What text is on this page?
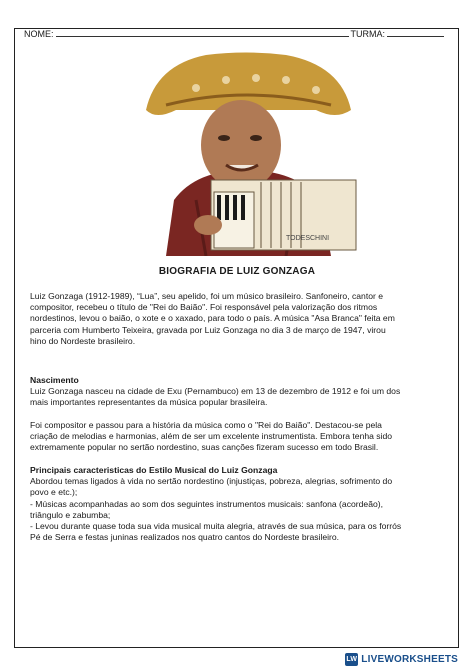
NOME:	TURMA:
TODESCHINI
BIOGRAFIA DE LUIZ GONZAGA

Luiz Gonzaga (1912-1989), “Lua”, seu apelido, foi um músico brasileiro. Sanfoneiro, cantor e

compositor, recebeu o título de "Rei do Baião". Foi responsável pela valorização dos ritmos

nordestinos, levou o baião, o xote e o xaxado, para todo o país. A música "Asa Branca" feita em

parceria com Humberto Teixeira, gravada por Luiz Gonzaga no dia 3 de março de 1947, virou

hino do Nordeste brasileiro.

Nascimento

Luiz Gonzaga nasceu na cidade de Exu (Pernambuco) em 13 de dezembro de 1912 e foi um dos

mais importantes representantes da música popular brasileira.

Foi compositor e passou para a história da música como o "Rei do Baião". Destacou-se pela

criação de melodias e harmonias, além de ser um excelente instrumentista. Embora tenha sido

extremamente popular no sertão nordestino, suas canções fizeram sucesso em todo Brasil.

Principais caracteristicas do Estilo Musical do Luiz Gonzaga

Abordou temas ligados à vida no sertão nordestino (injustiças, pobreza, alegrias, sofrimento do

povo e etc.);

- Músicas acompanhadas ao som dos seguintes instrumentos musicais: sanfona (acordeão),

triângulo e zabumba;

- Levou durante quase toda sua vida musical muita alegria, através de sua música, para os forrós

Pé de Serra e festas juninas realizados nos quatro cantos do Nordeste brasileiro.

LW LIVEWORKSHEETS
